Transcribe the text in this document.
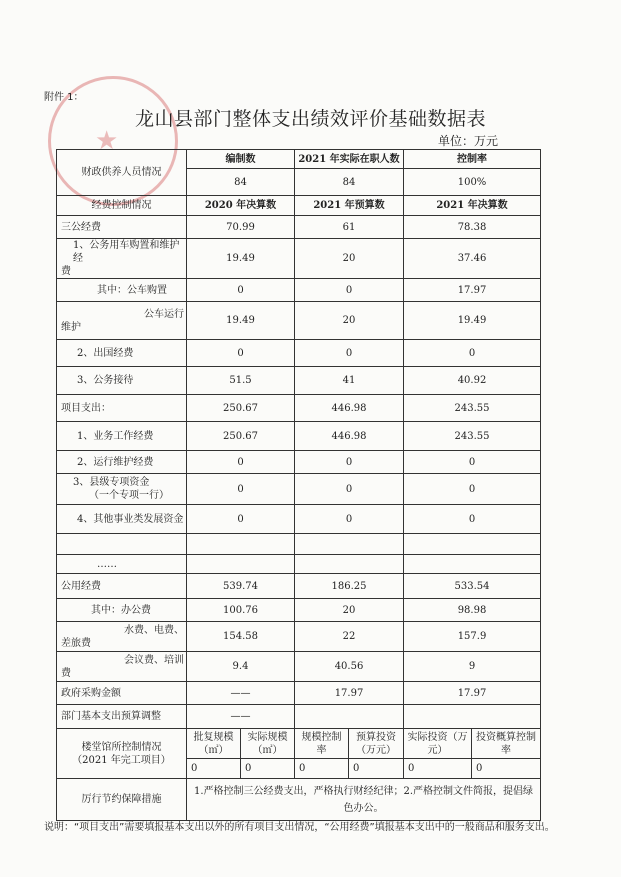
★
附件 1：
龙山县部门整体支出绩效评价基础数据表
单位：万元
财政供养人员情况	编制数		2021 年实际在职人数		控制率	
	84		84		100%	
经费控制情况	2020 年决算数		2021 年预算数		2021 年决算数	
三公经费	70.99		61		78.38	

1、公务用车购置和维护经
费	19.49		20		37.46	
其中：公车购置	0		0		17.97	

公车运行
维护	19.49		20		19.49	
2、出国经费	0		0		0	
3、公务接待	51.5		41		40.92	
项目支出：	250.67		446.98		243.55	
1、业务工作经费	250.67		446.98		243.55	
2、运行维护经费	0		0		0	

3、县级专项资金
（一个专项一行）	0		0		0	
4、其他事业类发展资金	0		0		0	

……						
公用经费	539.74		186.25		533.54	
其中：办公费	100.76		20		98.98	

水费、电费、
差旅费	154.58		22		157.9	

会议费、培训
费	9.4		40.56		9	
政府采购金额	——		17.97		17.97	
部门基本支出预算调整	——					

楼堂馆所控制情况
（2021 年完工项目）	批复规模（㎡）	实际规模（㎡）	规模控制率	预算投资（万元）	实际投资（万元）	投资概算控制率
	0	0	0	0	0	0
厉行节约保障措施	1.严格控制三公经费支出，严格执行财经纪律；2.严格控制文件简报，提倡绿色办公。					
说明：“项目支出”需要填报基本支出以外的所有项目支出情况，“公用经费”填报基本支出中的一般商品和服务支出。
